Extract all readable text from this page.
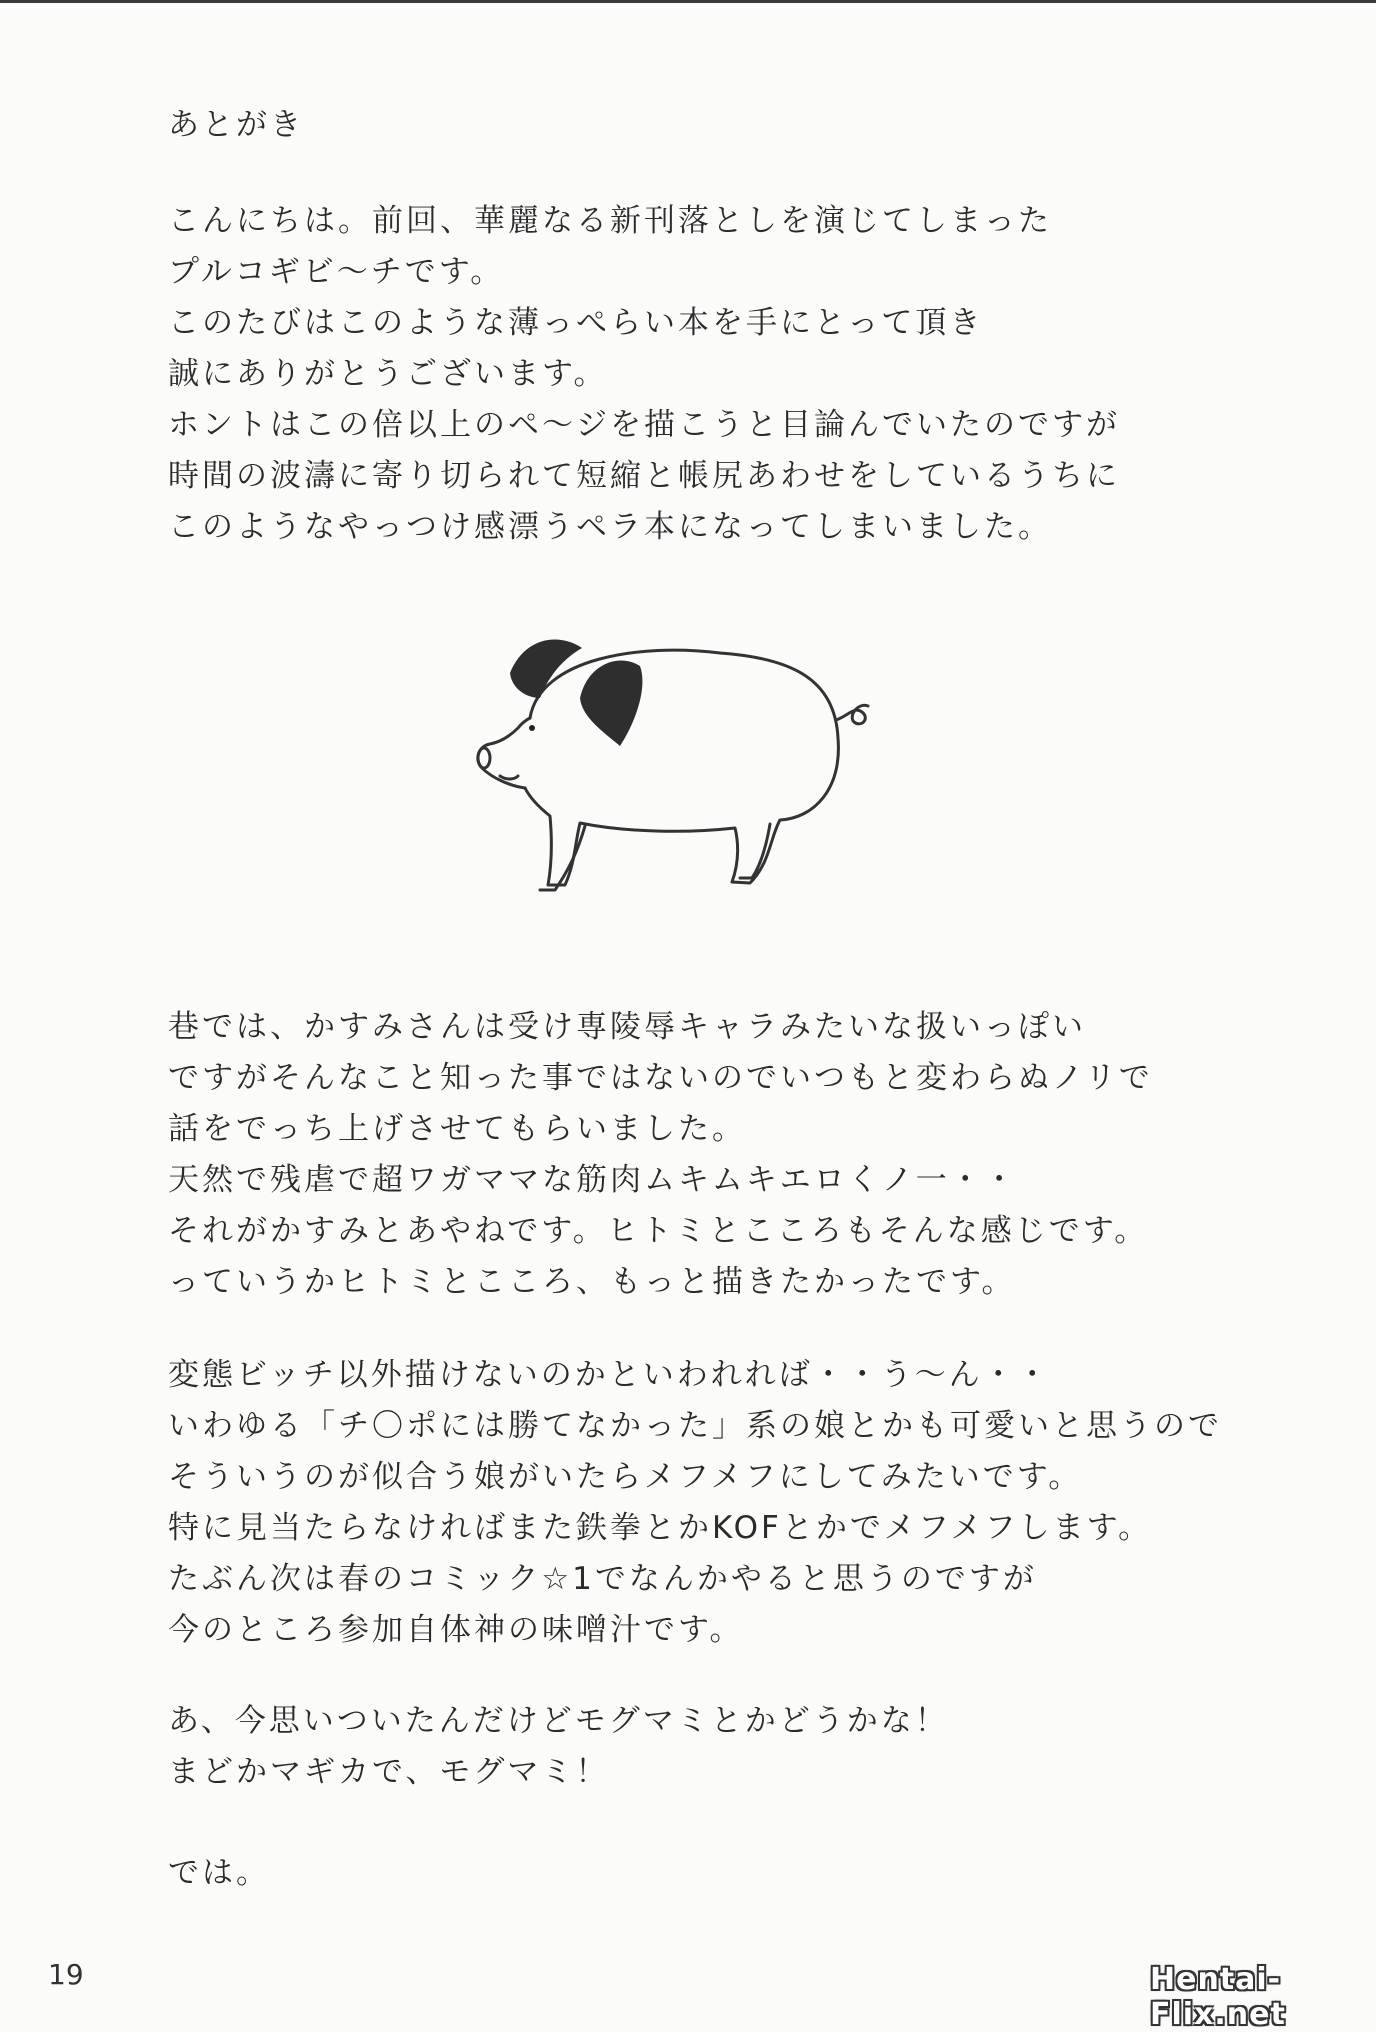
あとがき
こんにちは。前回、華麗なる新刊落としを演じてしまった
プルコギビ〜チです。
このたびはこのような薄っぺらい本を手にとって頂き
誠にありがとうございます。
ホントはこの倍以上のペ〜ジを描こうと目論んでいたのですが
時間の波濤に寄り切られて短縮と帳尻あわせをしているうちに
このようなやっつけ感漂うペラ本になってしまいました。
巷では、かすみさんは受け専陵辱キャラみたいな扱いっぽい
ですがそんなこと知った事ではないのでいつもと変わらぬノリで
話をでっち上げさせてもらいました。
天然で残虐で超ワガママな筋肉ムキムキエロくノ一・・
それがかすみとあやねです。ヒトミとこころもそんな感じです。
っていうかヒトミとこころ、もっと描きたかったです。
変態ビッチ以外描けないのかといわれれば・・う〜ん・・
いわゆる「チ〇ポには勝てなかった」系の娘とかも可愛いと思うので
そういうのが似合う娘がいたらメフメフにしてみたいです。
特に見当たらなければまた鉄拳とかKOFとかでメフメフします。
たぶん次は春のコミック☆1でなんかやると思うのですが
今のところ参加自体神の味噌汁です。
あ、今思いついたんだけどモグマミとかどうかな！
まどかマギカで、モグマミ！
では。
19	Hentai-Flix.net
